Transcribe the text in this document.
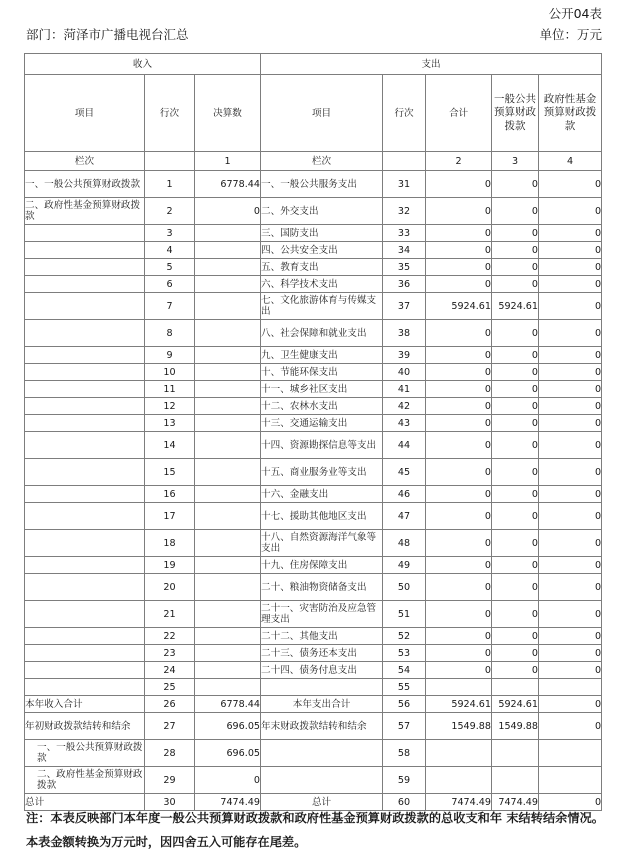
公开04表
部门：菏泽市广播电视台汇总	单位：万元
收入			支出				
项目	行次	决算数	项目	行次	合计	一般公共预算财政拨款	政府性基金预算财政拨款
栏次		1	栏次		2	3	4
一、一般公共预算财政拨款	1	6778.44	一、一般公共服务支出	31	0	0	0
二、政府性基金预算财政拨款	2	0	二、外交支出	32	0	0	0
	3		三、国防支出	33	0	0	0
	4		四、公共安全支出	34	0	0	0
	5		五、教育支出	35	0	0	0
	6		六、科学技术支出	36	0	0	0
	7		七、文化旅游体育与传媒支出	37	5924.61	5924.61	0
	8		八、社会保障和就业支出	38	0	0	0
	9		九、卫生健康支出	39	0	0	0
	10		十、节能环保支出	40	0	0	0
	11		十一、城乡社区支出	41	0	0	0
	12		十二、农林水支出	42	0	0	0
	13		十三、交通运输支出	43	0	0	0
	14		十四、资源勘探信息等支出	44	0	0	0
	15		十五、商业服务业等支出	45	0	0	0
	16		十六、金融支出	46	0	0	0
	17		十七、援助其他地区支出	47	0	0	0
	18		十八、自然资源海洋气象等支出	48	0	0	0
	19		十九、住房保障支出	49	0	0	0
	20		二十、粮油物资储备支出	50	0	0	0
	21		二十一、灾害防治及应急管理支出	51	0	0	0
	22		二十二、其他支出	52	0	0	0
	23		二十三、债务还本支出	53	0	0	0
	24		二十四、债务付息支出	54	0	0	0
	25			55			
本年收入合计	26	6778.44	本年支出合计	56	5924.61	5924.61	0
年初财政拨款结转和结余	27	696.05	年末财政拨款结转和结余	57	1549.88	1549.88	0
一、一般公共预算财政拨款	28	696.05		58			
二、政府性基金预算财政拨款	29	0		59			
总计	30	7474.49	总计	60	7474.49	7474.49	0
注：本表反映部门本年度一般公共预算财政拨款和政府性基金预算财政拨款的总收支和年 末结转结余情况。本表金额转换为万元时，因四舍五入可能存在尾差。
